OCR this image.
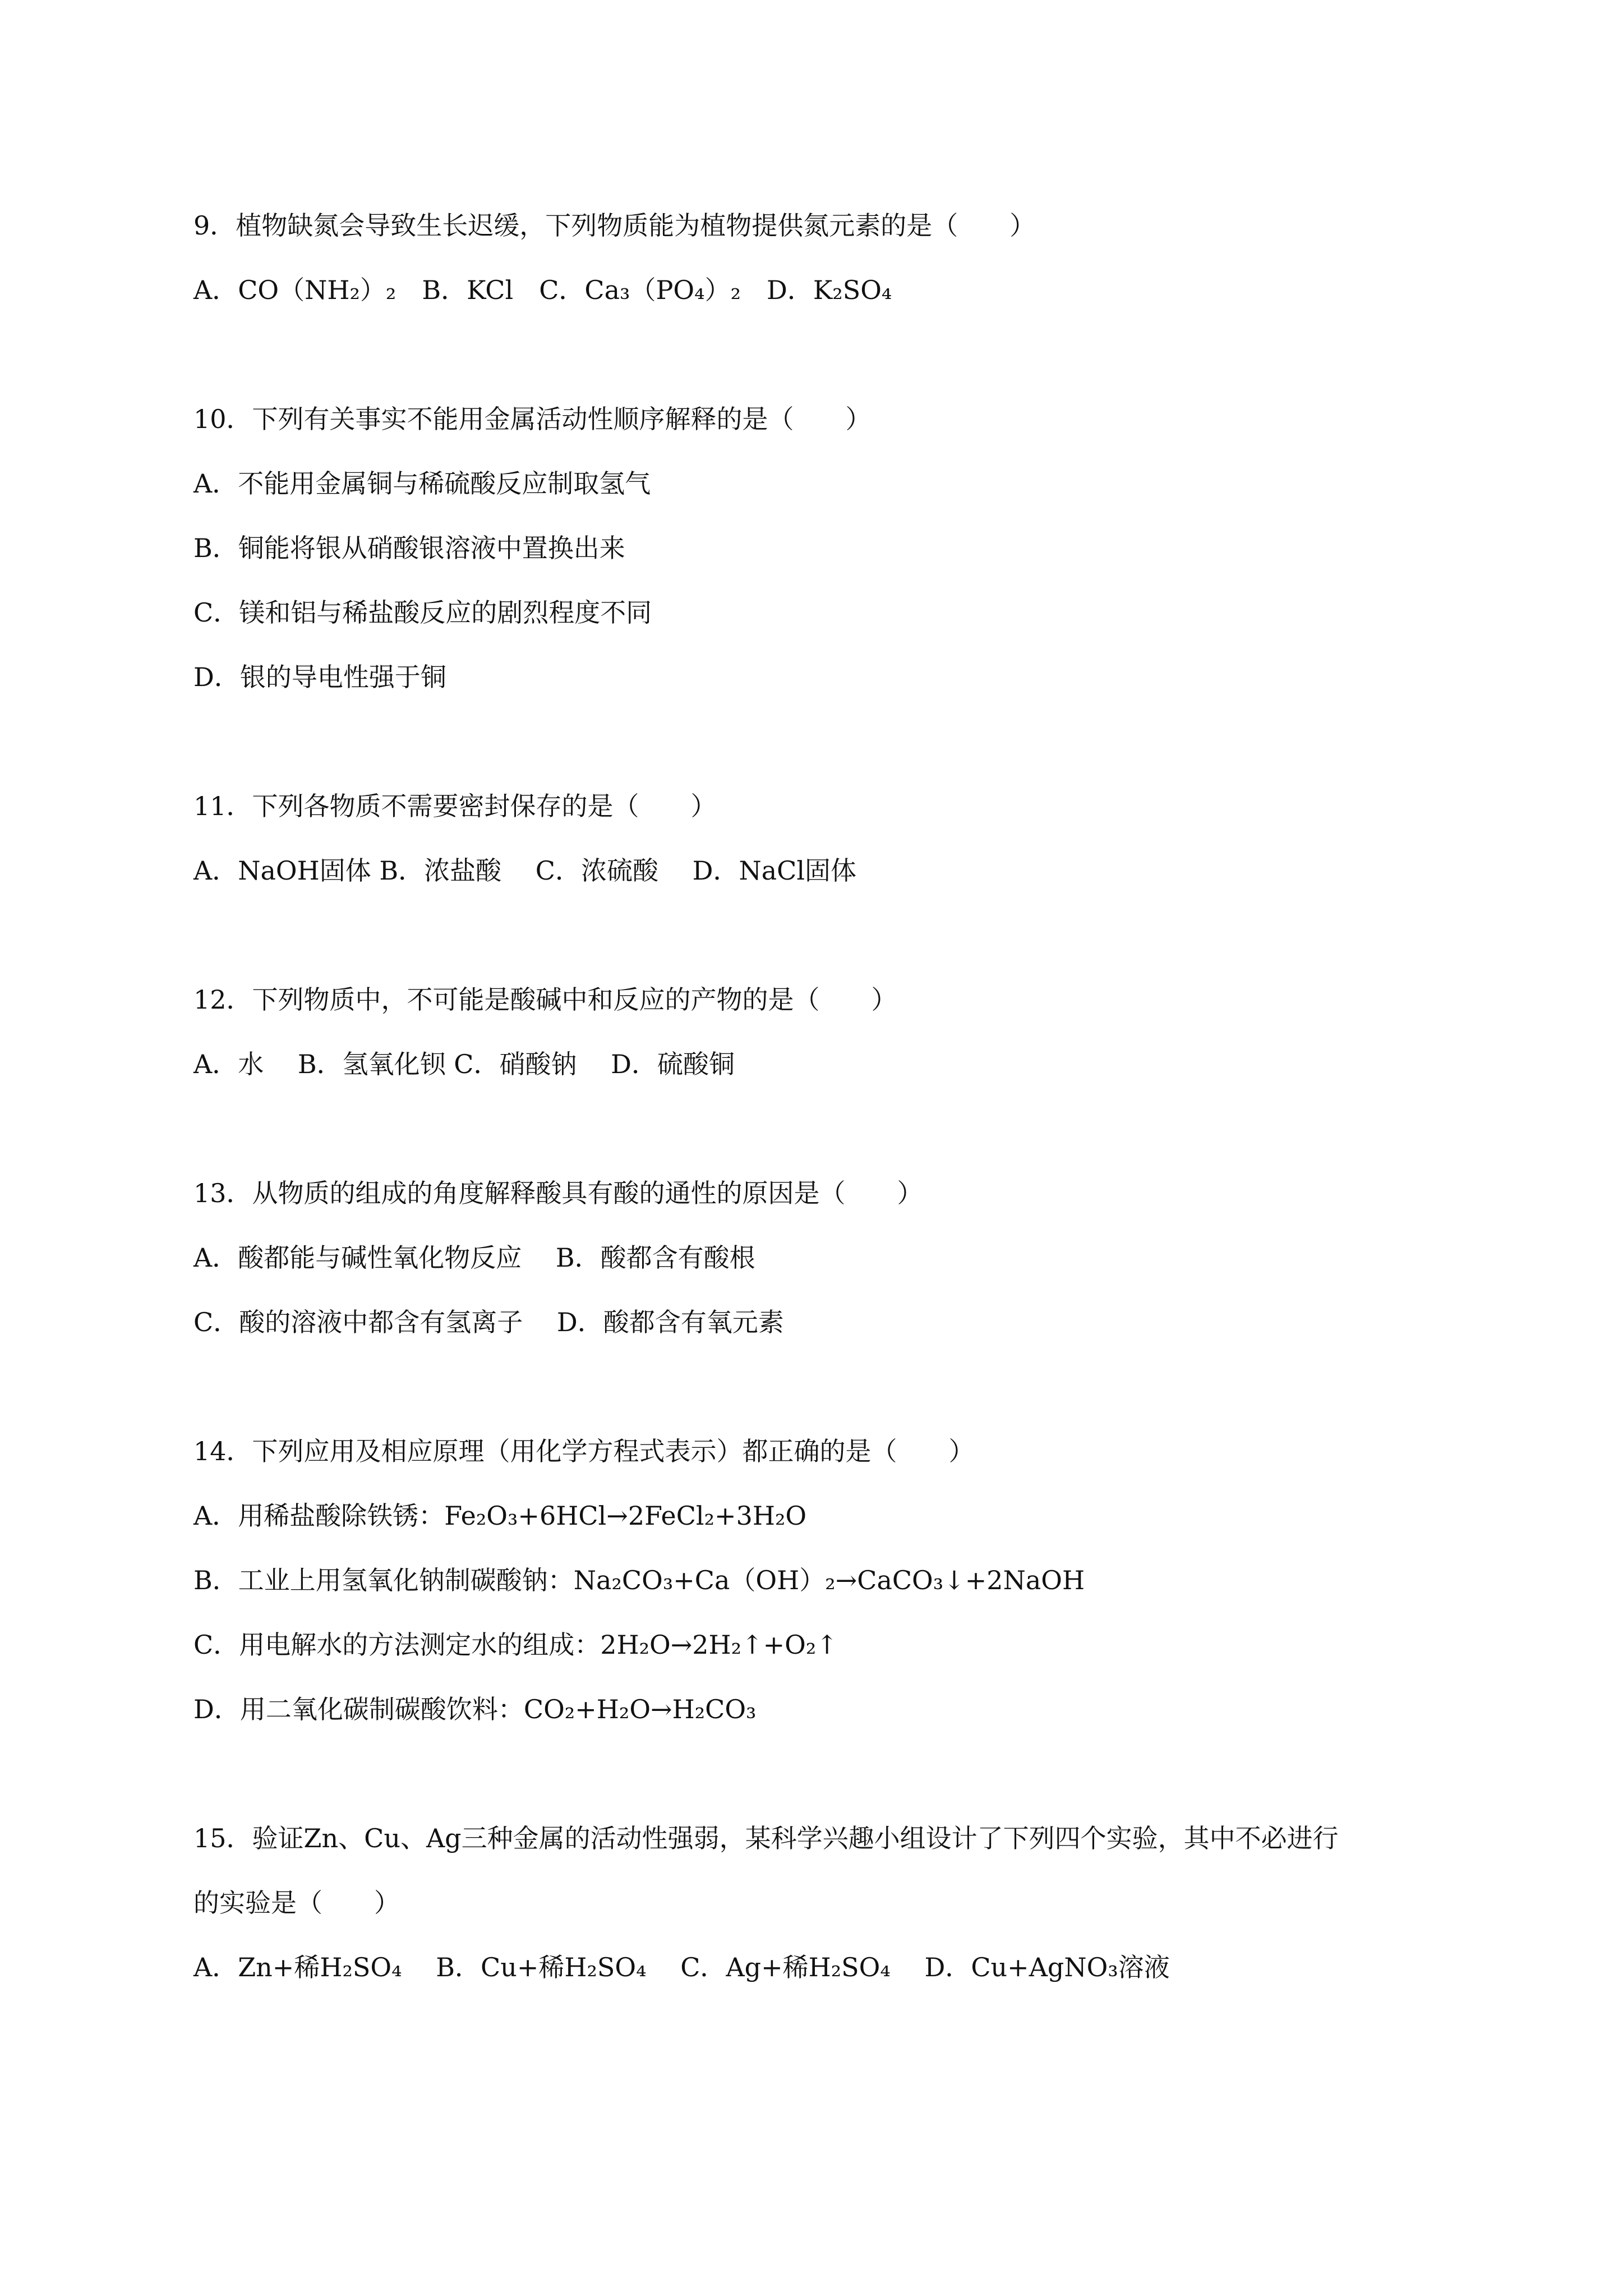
9．植物缺氮会导致生长迟缓，下列物质能为植物提供氮元素的是（　　）
A．CO（NH₂）₂　B．KCl　C．Ca₃（PO₄）₂　D．K₂SO₄
10．下列有关事实不能用金属活动性顺序解释的是（　　）
A．不能用金属铜与稀硫酸反应制取氢气
B．铜能将银从硝酸银溶液中置换出来
C．镁和铝与稀盐酸反应的剧烈程度不同
D．银的导电性强于铜
11．下列各物质不需要密封保存的是（　　）
A．NaOH固体 B．浓盐酸　 C．浓硫酸　 D．NaCl固体
12．下列物质中，不可能是酸碱中和反应的产物的是（　　）
A．水　 B．氢氧化钡 C．硝酸钠　 D．硫酸铜
13．从物质的组成的角度解释酸具有酸的通性的原因是（　　）
A．酸都能与碱性氧化物反应　 B．酸都含有酸根
C．酸的溶液中都含有氢离子　 D．酸都含有氧元素
14．下列应用及相应原理（用化学方程式表示）都正确的是（　　）
A．用稀盐酸除铁锈：Fe₂O₃+6HCl→2FeCl₂+3H₂O
B．工业上用氢氧化钠制碳酸钠：Na₂CO₃+Ca（OH）₂→CaCO₃↓+2NaOH
C．用电解水的方法测定水的组成：2H₂O→2H₂↑+O₂↑
D．用二氧化碳制碳酸饮料：CO₂+H₂O→H₂CO₃
15．验证Zn、Cu、Ag三种金属的活动性强弱，某科学兴趣小组设计了下列四个实验，其中不必进行
的实验是（　　）
A．Zn+稀H₂SO₄　 B．Cu+稀H₂SO₄　 C．Ag+稀H₂SO₄　 D．Cu+AgNO₃溶液
